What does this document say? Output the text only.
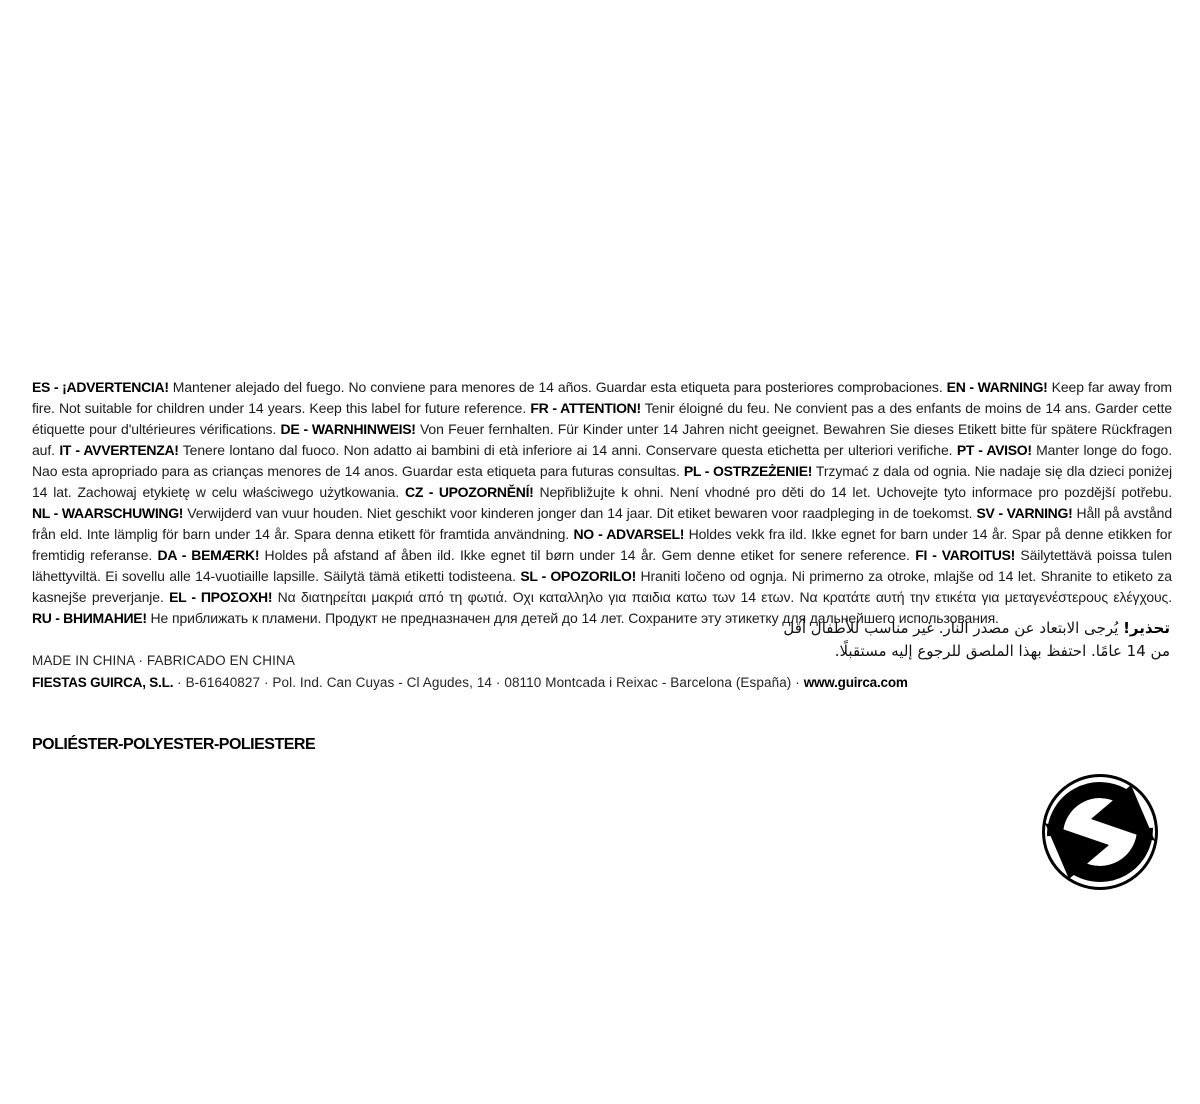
ES - ¡ADVERTENCIA! Mantener alejado del fuego. No conviene para menores de 14 años. Guardar esta etiqueta para posteriores comprobaciones. EN - WARNING! Keep far away from fire. Not suitable for children under 14 years. Keep this label for future reference. FR - ATTENTION! Tenir éloigné du feu. Ne convient pas a des enfants de moins de 14 ans. Garder cette étiquette pour d'ultérieures vérifications. DE - WARNHINWEIS! Von Feuer fernhalten. Für Kinder unter 14 Jahren nicht geeignet. Bewahren Sie dieses Etikett bitte für spätere Rückfragen auf. IT - AVVERTENZA! Tenere lontano dal fuoco. Non adatto ai bambini di età inferiore ai 14 anni. Conservare questa etichetta per ulteriori verifiche. PT - AVISO! Manter longe do fogo. Nao esta apropriado para as crianças menores de 14 anos. Guardar esta etiqueta para futuras consultas. PL - OSTRZEŻENIE! Trzymać z dala od ognia. Nie nadaje się dla dzieci poniżej 14 lat. Zachowaj etykietę w celu właściwego użytkowania. CZ - UPOZORNĚNÍ! Nepřibližujte k ohni. Není vhodné pro děti do 14 let. Uchovejte tyto informace pro pozdější potřebu. NL - WAARSCHUWING! Verwijderd van vuur houden. Niet geschikt voor kinderen jonger dan 14 jaar. Dit etiket bewaren voor raadpleging in de toekomst. SV - VARNING! Håll på avstånd från eld. Inte lämplig för barn under 14 år. Spara denna etikett för framtida användning. NO - ADVARSEL! Holdes vekk fra ild. Ikke egnet for barn under 14 år. Spar på denne etikken for fremtidig referanse. DA - BEMÆRK! Holdes på afstand af åben ild. Ikke egnet til børn under 14 år. Gem denne etiket for senere reference. FI - VAROITUS! Säilytettävä poissa tulen lähettyviltä. Ei sovellu alle 14-vuotiaille lapsille. Säilytä tämä etiketti todisteena. SL - OPOZORILO! Hraniti ločeno od ognja. Ni primerno za otroke, mlajše od 14 let. Shranite to etiketo za kasnejše preverjanje. EL - ΠΡΟΣΟΧΗ! Να διατηρείται μακριά από τη φωτιά. Οχι καταλληλο για παιδια κατω των 14 ετων. Να κρατάτε αυτή την ετικέτα για μεταγενέστερους ελέγχους. RU - ВНИМАНИЕ! Не приближать к пламени. Продукт не предназначен для детей до 14 лет. Сохраните эту этикетку для дальнейшего использования.
تحذير! يُرجى الابتعاد عن مصدر النار. غير مناسب للأطفال أقل
من 14 عامًا. احتفظ بهذا الملصق للرجوع إليه مستقبلًا.
MADE IN CHINA · FABRICADO EN CHINA
FIESTAS GUIRCA, S.L. · B-61640827 · Pol. Ind. Can Cuyas - Cl Agudes, 14 · 08110 Montcada i Reixac - Barcelona (España) · www.guirca.com
POLIÉSTER-POLYESTER-POLIESTERE
